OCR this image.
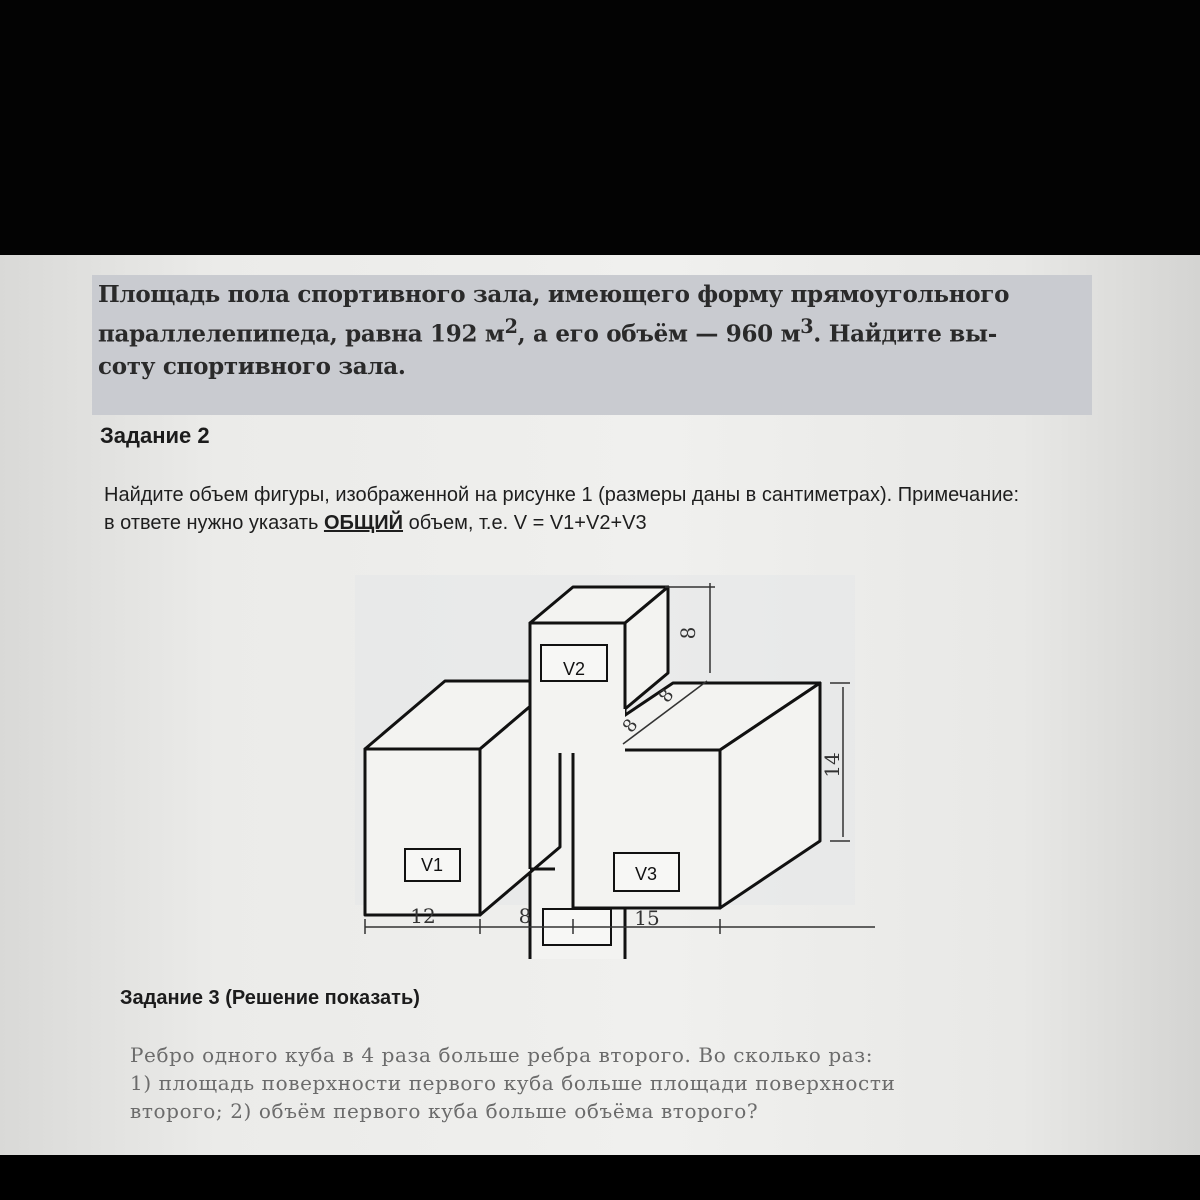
Площадь пола спортивного зала, имеющего форму прямоугольного

параллелепипеда, равна 192 $м^2$, а его объём — 960 $м^3$. Найдите вы-

соту спортивного зала.

Задание 2

Найдите объем фигуры, изображенной на рисунке 1 (размеры даны в сантиметрах). Примечание:

в ответе нужно указать ОБЩИЙ объем, т.е. V = V1+V2+V3

V1
V2
V3
12	8	15
8
8
8
14
Задание 3 (Решение показать)

Ребро одного куба в 4 раза больше ребра второго. Во сколько раз:

1) площадь поверхности первого куба больше площади поверхности

второго; 2) объём первого куба больше объёма второго?
